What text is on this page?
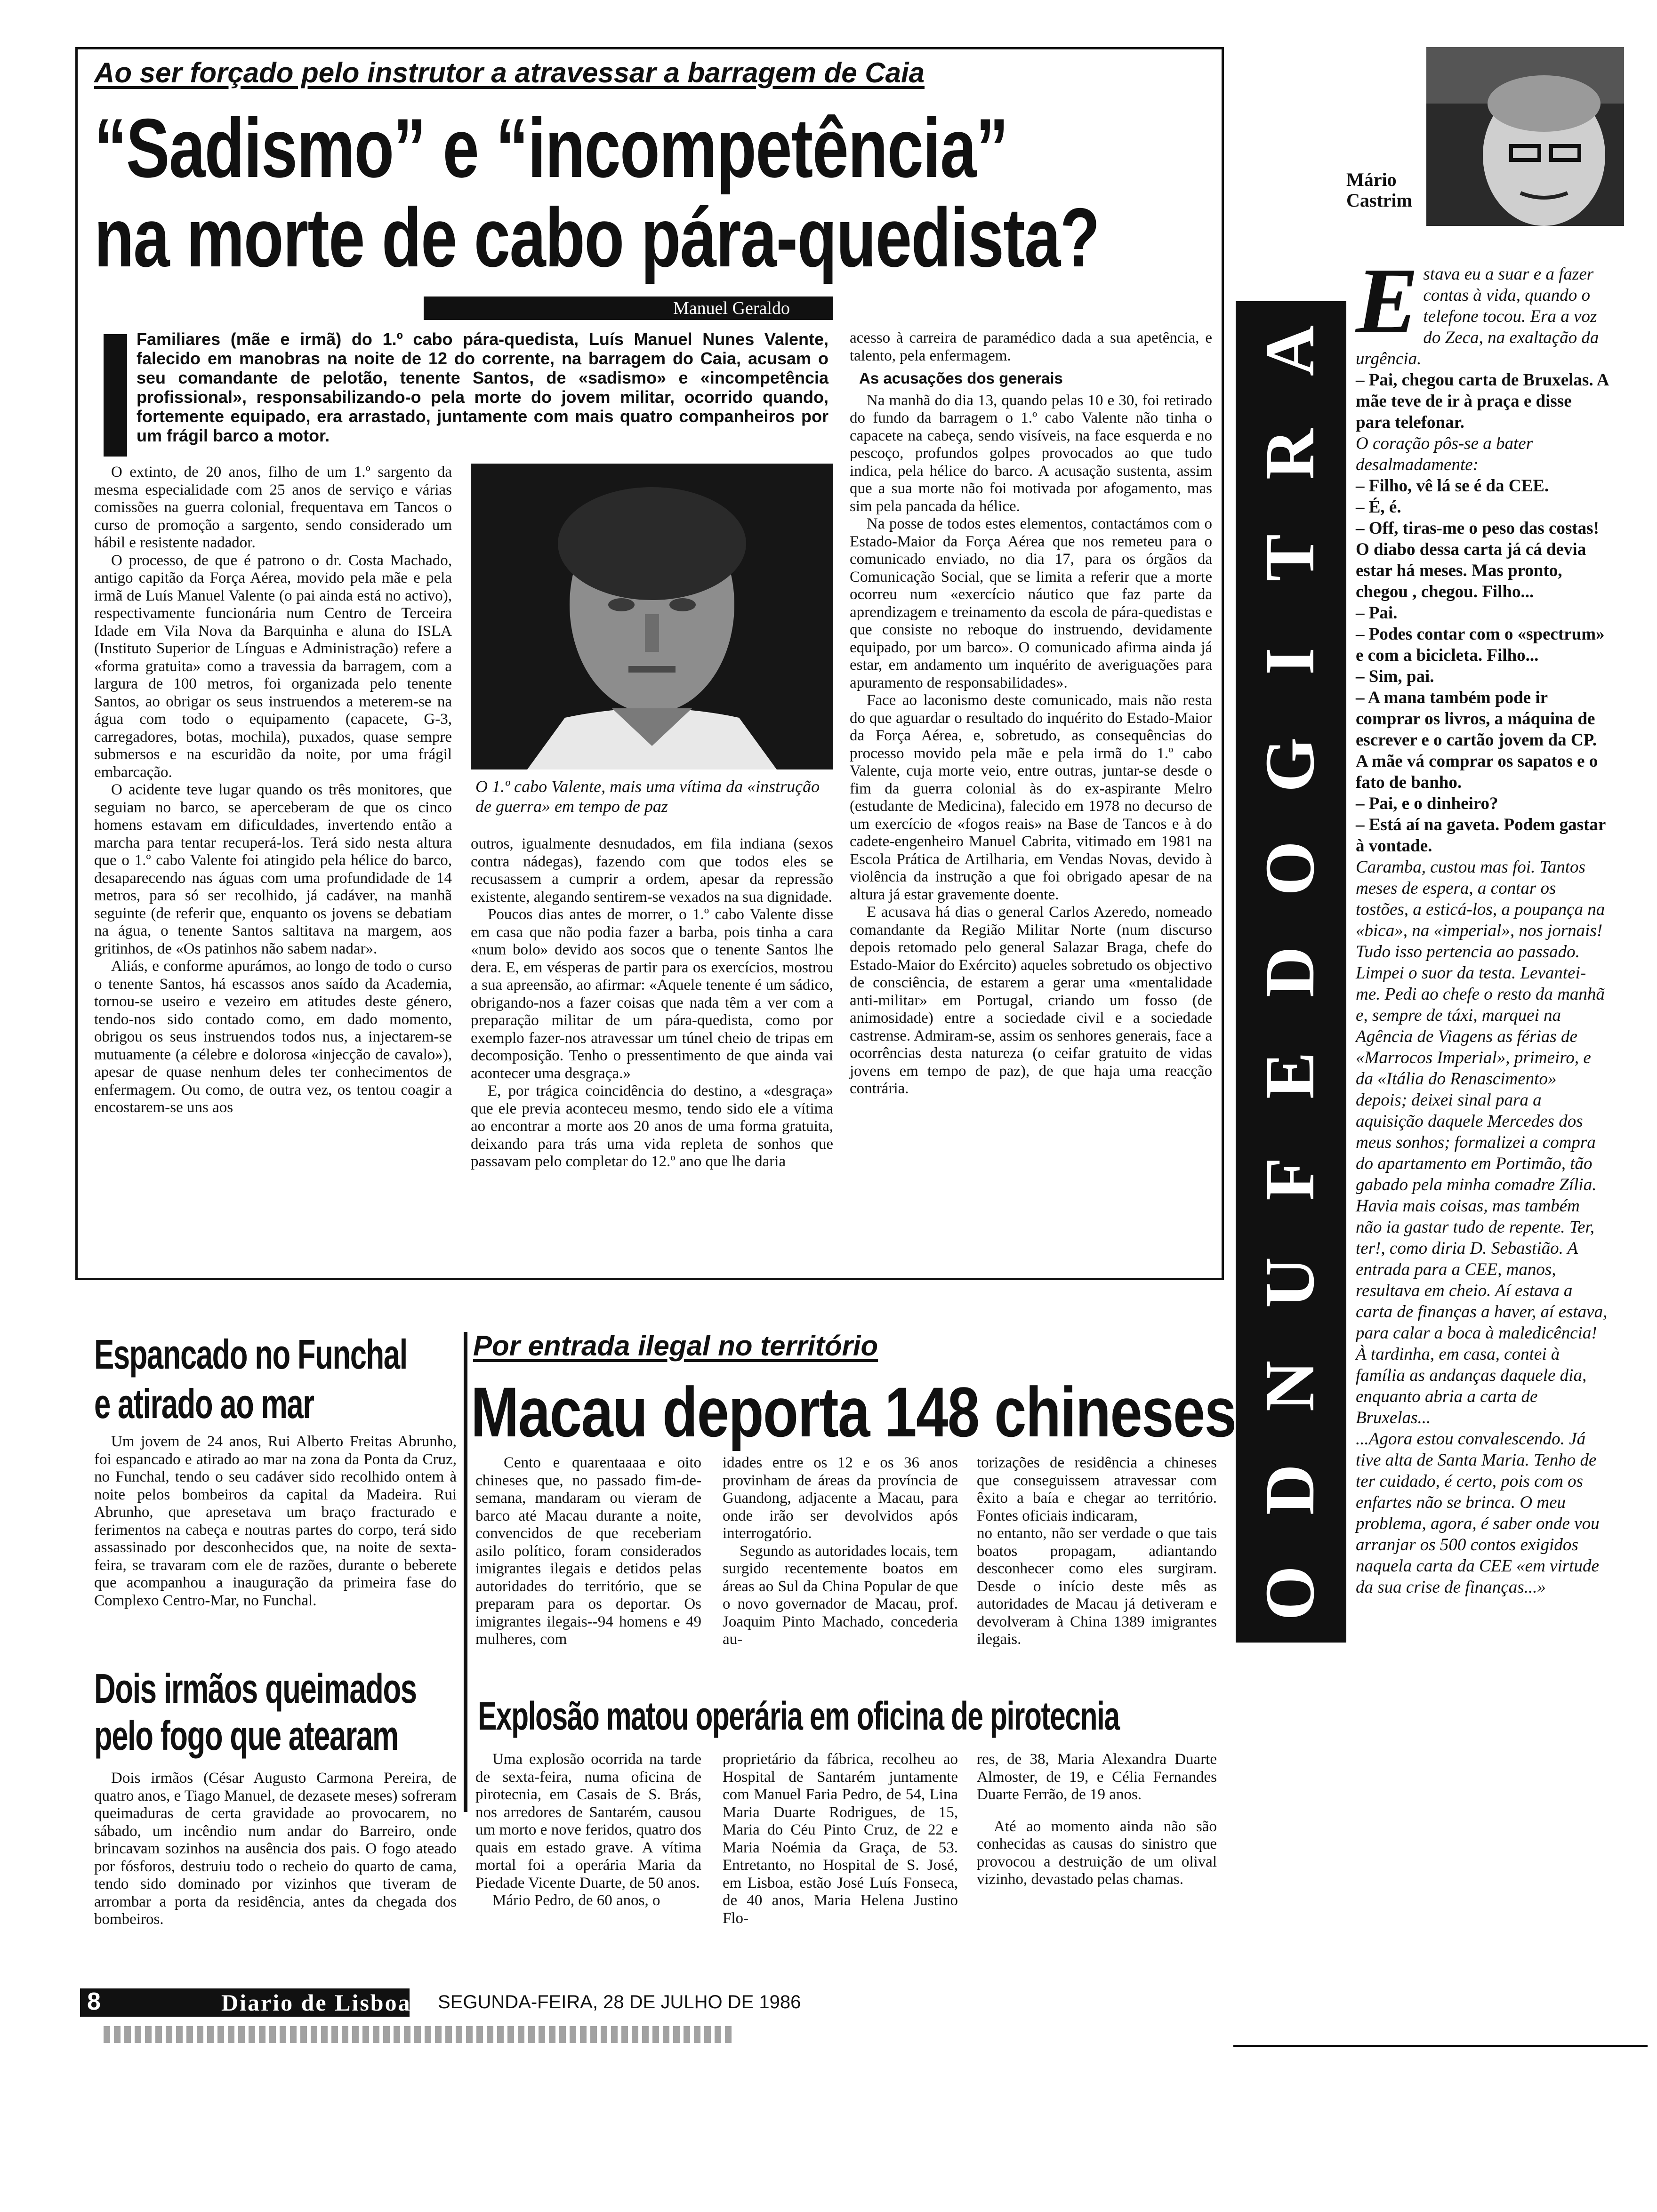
Ao ser forçado pelo instrutor a atravessar a barragem de Caia
“Sadismo” e “incompetência”
na morte de cabo pára-quedista?
Manuel Geraldo
Familiares (mãe e irmã) do 1.º cabo pára-quedista, Luís Manuel Nunes Valente, falecido em manobras na noite de 12 do corrente, na barragem do Caia, acusam o seu comandante de pelotão, tenente Santos, de «sadismo» e «incompetência profissional», responsabilizando-o pela morte do jovem militar, ocorrido quando, fortemente equipado, era arrastado, juntamente com mais quatro companheiros por um frágil barco a motor.

O extinto, de 20 anos, filho de um 1.º sargento da mesma especialidade com 25 anos de serviço e várias comissões na guerra colonial, frequentava em Tancos o curso de promoção a sargento, sendo considerado um hábil e resistente nadador.

O processo, de que é patrono o dr. Costa Machado, antigo capitão da Força Aérea, movido pela mãe e pela irmã de Luís Manuel Valente (o pai ainda está no activo), respectivamente funcionária num Centro de Terceira Idade em Vila Nova da Barquinha e aluna do ISLA (Instituto Superior de Línguas e Administração) refere a «forma gratuita» como a travessia da barragem, com a largura de 100 metros, foi organizada pelo tenente Santos, ao obrigar os seus instruendos a meterem-se na água com todo o equipamento (capacete, G-3, carregadores, botas, mochila), puxados, quase sempre submersos e na escuridão da noite, por uma frágil embarcação.

O acidente teve lugar quando os três monitores, que seguiam no barco, se aperceberam de que os cinco homens estavam em dificuldades, invertendo então a marcha para tentar recuperá-los. Terá sido nesta altura que o 1.º cabo Valente foi atingido pela hélice do barco, desaparecendo nas águas com uma profundidade de 14 metros, para só ser recolhido, já cadáver, na manhã seguinte (de referir que, enquanto os jovens se debatiam na água, o tenente Santos saltitava na margem, aos gritinhos, de «Os patinhos não sabem nadar».

Aliás, e conforme apurámos, ao longo de todo o curso o tenente Santos, há escassos anos saído da Academia, tornou-se useiro e vezeiro em atitudes deste género, tendo-nos sido contado como, em dado momento, obrigou os seus instruendos todos nus, a injectarem-se mutuamente (a célebre e dolorosa «injecção de cavalo»), apesar de quase nenhum deles ter conhecimentos de enfermagem. Ou como, de outra vez, os tentou coagir a encostarem-se uns aos

O 1.º cabo Valente, mais uma vítima da «instrução de guerra» em tempo de paz

outros, igualmente desnudados, em fila indiana (sexos contra nádegas), fazendo com que todos eles se recusassem a cumprir a ordem, apesar da repressão existente, alegando sentirem-se vexados na sua dignidade.

Poucos dias antes de morrer, o 1.º cabo Valente disse em casa que não podia fazer a barba, pois tinha a cara «num bolo» devido aos socos que o tenente Santos lhe dera. E, em vésperas de partir para os exercícios, mostrou a sua apreensão, ao afirmar: «Aquele tenente é um sádico, obrigando-nos a fazer coisas que nada têm a ver com a preparação militar de um pára-quedista, como por exemplo fazer-nos atravessar um túnel cheio de tripas em decomposição. Tenho o pressentimento de que ainda vai acontecer uma desgraça.»

E, por trágica coincidência do destino, a «desgraça» que ele previa aconteceu mesmo, tendo sido ele a vítima ao encontrar a morte aos 20 anos de uma forma gratuita, deixando para trás uma vida repleta de sonhos que passavam pelo completar do 12.º ano que lhe daria

acesso à carreira de paramédico dada a sua apetência, e talento, pela enfermagem.

As acusações dos generais

Na manhã do dia 13, quando pelas 10 e 30, foi retirado do fundo da barragem o 1.º cabo Valente não tinha o capacete na cabeça, sendo visíveis, na face esquerda e no pescoço, profundos golpes provocados ao que tudo indica, pela hélice do barco. A acusação sustenta, assim que a sua morte não foi motivada por afogamento, mas sim pela pancada da hélice.

Na posse de todos estes elementos, contactámos com o Estado-Maior da Força Aérea que nos remeteu para o comunicado enviado, no dia 17, para os órgãos da Comunicação Social, que se limita a referir que a morte ocorreu num «exercício náutico que faz parte da aprendizagem e treinamento da escola de pára-quedistas e que consiste no reboque do instruendo, devidamente equipado, por um barco». O comunicado afirma ainda já estar, em andamento um inquérito de averiguações para apuramento de responsabilidades».

Face ao laconismo deste comunicado, mais não resta do que aguardar o resultado do inquérito do Estado-Maior da Força Aérea, e, sobretudo, as consequências do processo movido pela mãe e pela irmã do 1.º cabo Valente, cuja morte veio, entre outras, juntar-se desde o fim da guerra colonial às do ex-aspirante Melro (estudante de Medicina), falecido em 1978 no decurso de um exercício de «fogos reais» na Base de Tancos e à do cadete-engenheiro Manuel Cabrita, vitimado em 1981 na Escola Prática de Artilharia, em Vendas Novas, devido à violência da instrução a que foi obrigado apesar de na altura já estar gravemente doente.

E acusava há dias o general Carlos Azeredo, nomeado comandante da Região Militar Norte (num discurso depois retomado pelo general Salazar Braga, chefe do Estado-Maior do Exército) aqueles sobretudo os objectivo de consciência, de estarem a gerar uma «mentalidade anti-militar» em Portugal, criando um fosso (de animosidade) entre a sociedade civil e a sociedade castrense. Admiram-se, assim os senhores generais, face a ocorrências desta natureza (o ceifar gratuito de vidas jovens em tempo de paz), de que haja uma reacção contrária.

Espancado no Funchal
e atirado ao mar

Um jovem de 24 anos, Rui Alberto Freitas Abrunho, foi espancado e atirado ao mar na zona da Ponta da Cruz, no Funchal, tendo o seu cadáver sido recolhido ontem à noite pelos bombeiros da capital da Madeira. Rui Abrunho, que apresetava um braço fracturado e ferimentos na cabeça e noutras partes do corpo, terá sido assassinado por desconhecidos que, na noite de sexta-feira, se travaram com ele de razões, durante o beberete que acompanhou a inauguração da primeira fase do Complexo Centro-Mar, no Funchal.

Dois irmãos queimados
pelo fogo que atearam

Dois irmãos (César Augusto Carmona Pereira, de quatro anos, e Tiago Manuel, de dezasete meses) sofreram queimaduras de certa gravidade ao provocarem, no sábado, um incêndio num andar do Barreiro, onde brincavam sozinhos na ausência dos pais. O fogo ateado por fósforos, destruiu todo o recheio do quarto de cama, tendo sido dominado por vizinhos que tiveram de arrombar a porta da residência, antes da chegada dos bombeiros.

Por entrada ilegal no território
Macau deporta 148 chineses

Cento e quarentaaaa e oito chineses que, no passado fim-de-semana, mandaram ou vieram de barco até Macau durante a noite, convencidos de que receberiam asilo político, foram considerados imigrantes ilegais e detidos pelas autoridades do território, que se preparam para os deportar. Os imigrantes ilegais--94 homens e 49 mulheres, com

idades entre os 12 e os 36 anos provinham de áreas da província de Guandong, adjacente a Macau, para onde irão ser devolvidos após interrogatório.

Segundo as autoridades locais, tem surgido recentemente boatos em áreas ao Sul da China Popular de que o novo governador de Macau, prof. Joaquim Pinto Machado, concederia au-

torizações de residência a chineses que conseguissem atravessar com êxito a baía e chegar ao território. Fontes oficiais indicaram,

no entanto, não ser verdade o que tais boatos propagam, adiantando desconhecer como eles surgiram. Desde o início deste mês as autoridades de Macau já detiveram e devolveram à China 1389 imigrantes ilegais.

Explosão matou operária em oficina de pirotecnia

Uma explosão ocorrida na tarde de sexta-feira, numa oficina de pirotecnia, em Casais de S. Brás, nos arredores de Santarém, causou um morto e nove feridos, quatro dos quais em estado grave. A vítima mortal foi a operária Maria da Piedade Vicente Duarte, de 50 anos.

Mário Pedro, de 60 anos, o

proprietário da fábrica, recolheu ao Hospital de Santarém juntamente com Manuel Faria Pedro, de 54, Lina Maria Duarte Rodrigues, de 15, Maria do Céu Pinto Cruz, de 22 e Maria Noémia da Graça, de 53. Entretanto, no Hospital de S. José, em Lisboa, estão José Luís Fonseca, de 40 anos, Maria Helena Justino Flo-

res, de 38, Maria Alexandra Duarte Almoster, de 19, e Célia Fernandes Duarte Ferrão, de 19 anos.

Até ao momento ainda não são conhecidas as causas do sinistro que provocou a destruição de um olival vizinho, devastado pelas chamas.

8	Diario de Lisboa SEGUNDA-FEIRA, 28 DE JULHO DE 1986
A
R
T
I
G
O
D
E
F
U
N
D
O
Mário
Castrim

Estava eu a suar e a fazer contas à vida, quando o telefone tocou. Era a voz do Zeca, na exaltação da urgência.

– Pai, chegou carta de Bruxelas. A mãe teve de ir à praça e disse para telefonar.

O coração pôs-se a bater desalmadamente:

– Filho, vê lá se é da CEE.

– É, é.

– Off, tiras-me o peso das costas! O diabo dessa carta já cá devia estar há meses. Mas pronto, chegou , chegou. Filho...

– Pai.

– Podes contar com o «spectrum» e com a bicicleta. Filho...

– Sim, pai.

– A mana também pode ir comprar os livros, a máquina de escrever e o cartão jovem da CP. A mãe vá comprar os sapatos e o fato de banho.

– Pai, e o dinheiro?

– Está aí na gaveta. Podem gastar à vontade.

Caramba, custou mas foi. Tantos meses de espera, a contar os tostões, a esticá-los, a poupança na «bica», na «imperial», nos jornais! Tudo isso pertencia ao passado. Limpei o suor da testa. Levantei-me. Pedi ao chefe o resto da manhã e, sempre de táxi, marquei na Agência de Viagens as férias de «Marrocos Imperial», primeiro, e da «Itália do Renascimento» depois; deixei sinal para a aquisição daquele Mercedes dos meus sonhos; formalizei a compra do apartamento em Portimão, tão gabado pela minha comadre Zília. Havia mais coisas, mas também não ia gastar tudo de repente. Ter, ter!, como diria D. Sebastião. A entrada para a CEE, manos, resultava em cheio. Aí estava a carta de finanças a haver, aí estava, para calar a boca à maledicência!

À tardinha, em casa, contei à família as andanças daquele dia, enquanto abria a carta de Bruxelas...

...Agora estou convalescendo. Já tive alta de Santa Maria. Tenho de ter cuidado, é certo, pois com os enfartes não se brinca. O meu problema, agora, é saber onde vou arranjar os 500 contos exigidos naquela carta da CEE «em virtude da sua crise de finanças...»
